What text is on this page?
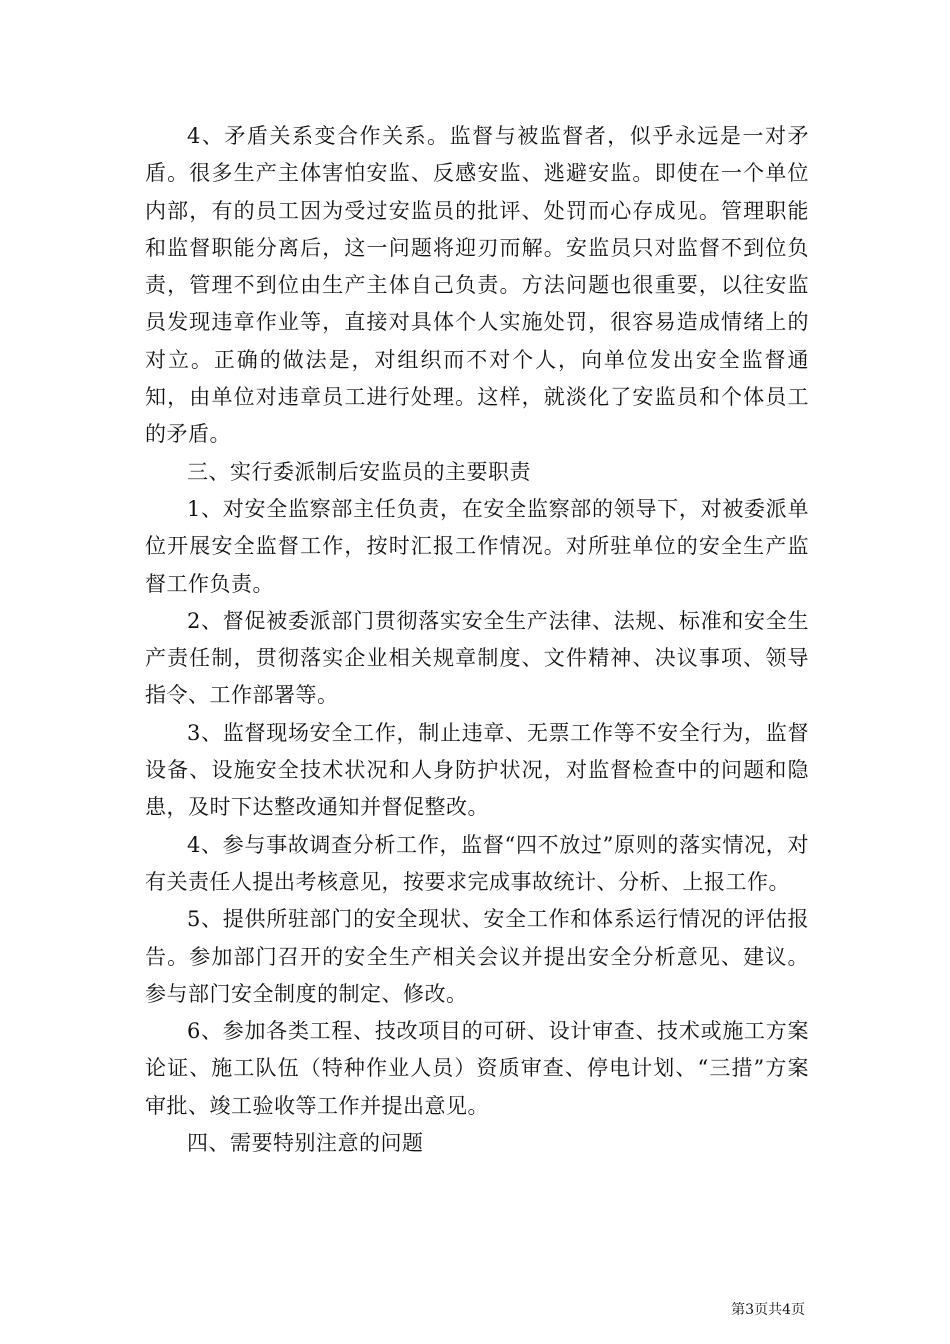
4、矛盾关系变合作关系。监督与被监督者，似乎永远是一对矛盾。很多生产主体害怕安监、反感安监、逃避安监。即使在一个单位内部，有的员工因为受过安监员的批评、处罚而心存成见。管理职能和监督职能分离后，这一问题将迎刃而解。安监员只对监督不到位负责，管理不到位由生产主体自己负责。方法问题也很重要，以往安监员发现违章作业等，直接对具体个人实施处罚，很容易造成情绪上的对立。正确的做法是，对组织而不对个人，向单位发出安全监督通知，由单位对违章员工进行处理。这样，就淡化了安监员和个体员工的矛盾。

三、实行委派制后安监员的主要职责

1、对安全监察部主任负责，在安全监察部的领导下，对被委派单位开展安全监督工作，按时汇报工作情况。对所驻单位的安全生产监督工作负责。

2、督促被委派部门贯彻落实安全生产法律、法规、标准和安全生产责任制，贯彻落实企业相关规章制度、文件精神、决议事项、领导指令、工作部署等。

3、监督现场安全工作，制止违章、无票工作等不安全行为，监督设备、设施安全技术状况和人身防护状况，对监督检查中的问题和隐患，及时下达整改通知并督促整改。

4、参与事故调查分析工作，监督“四不放过”原则的落实情况，对有关责任人提出考核意见，按要求完成事故统计、分析、上报工作。

5、提供所驻部门的安全现状、安全工作和体系运行情况的评估报告。参加部门召开的安全生产相关会议并提出安全分析意见、建议。参与部门安全制度的制定、修改。

6、参加各类工程、技改项目的可研、设计审查、技术或施工方案论证、施工队伍（特种作业人员）资质审查、停电计划、“三措”方案审批、竣工验收等工作并提出意见。

四、需要特别注意的问题

第3页共4页
